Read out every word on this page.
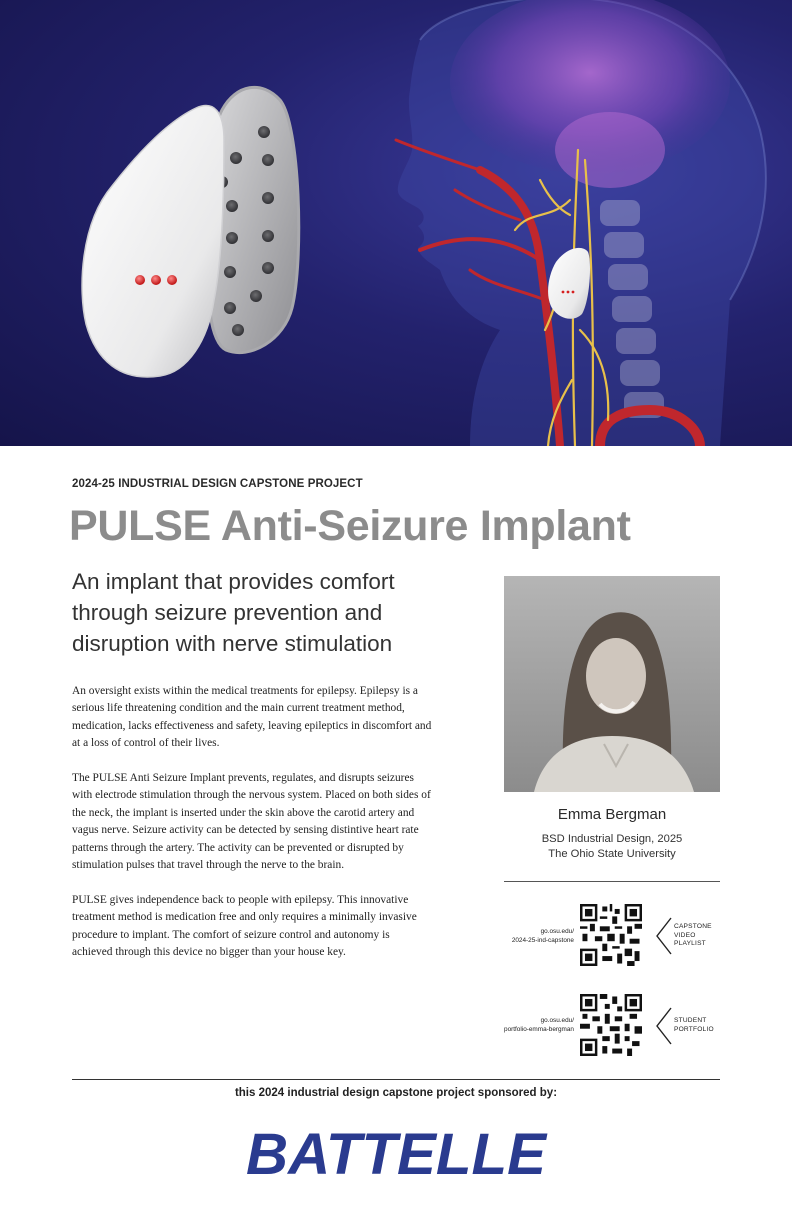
2024-25 INDUSTRIAL DESIGN CAPSTONE PROJECT
PULSE Anti-Seizure Implant
An implant that provides comfort through seizure prevention and disruption with nerve stimulation

An oversight exists within the medical treatments for epilepsy. Epilepsy is a serious life threatening condition and the main current treatment method, medication, lacks effectiveness and safety, leaving epileptics in discomfort and at a loss of control of their lives.

The PULSE Anti Seizure Implant prevents, regulates, and disrupts seizures with electrode stimulation through the nervous system. Placed on both sides of the neck, the implant is inserted under the skin above the carotid artery and vagus nerve. Seizure activity can be detected by sensing distintive heart rate patterns through the artery. The activity can be prevented or disrupted by stimulation pulses that travel through the nerve to the brain.

PULSE gives independence back to people with epilepsy. This innovative treatment method is medication free and only requires a minimally invasive procedure to implant. The comfort of seizure control and autonomy is achieved through this device no bigger than your house key.

Emma Bergman
BSD Industrial Design, 2025
The Ohio State University
go.osu.edu/
2024-25-ind-capstone
CAPSTONE
VIDEO
PLAYLIST
go.osu.edu/
portfolio-emma-bergman
STUDENT
PORTFOLIO
this 2024 industrial design capstone project sponsored by:
BATTELLE
